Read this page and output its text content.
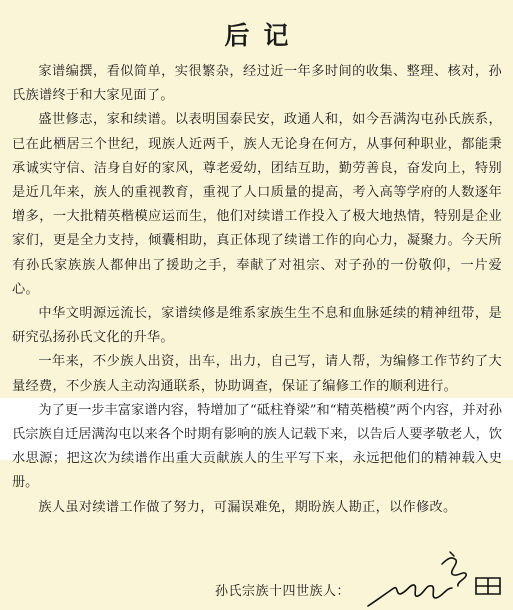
后记

家谱编撰，看似简单，实很繁杂，经过近一年多时间的收集、整理、核对，孙氏族谱终于和大家见面了。

盛世修志，家和续谱。以表明国泰民安，政通人和，如今吾满沟屯孙氏族系，已在此栖居三个世纪，现族人近两千，族人无论身在何方，从事何种职业，都能秉承诚实守信、洁身自好的家风，尊老爱幼，团结互助，勤劳善良，奋发向上，特别是近几年来，族人的重视教育，重视了人口质量的提高，考入高等学府的人数逐年增多，一大批精英楷模应运而生，他们对续谱工作投入了极大地热情，特别是企业家们，更是全力支持，倾囊相助，真正体现了续谱工作的向心力，凝聚力。今天所有孙氏家族族人都伸出了援助之手，奉献了对祖宗、对子孙的一份敬仰，一片爱心。

中华文明源远流长，家谱续修是维系家族生生不息和血脉延续的精神纽带，是研究弘扬孙氏文化的升华。

一年来，不少族人出资，出车，出力，自己写，请人帮，为编修工作节约了大量经费，不少族人主动沟通联系，协助调查，保证了编修工作的顺利进行。

为了更一步丰富家谱内容，特增加了“砥柱脊梁”和“精英楷模”两个内容，并对孙氏宗族自迁居满沟屯以来各个时期有影响的族人记载下来，以告后人要孝敬老人，饮水思源；把这次为续谱作出重大贡献族人的生平写下来，永远把他们的精神载入史册。

族人虽对续谱工作做了努力，可漏误难免，期盼族人勘正，以作修改。

孙氏宗族十四世族人：
